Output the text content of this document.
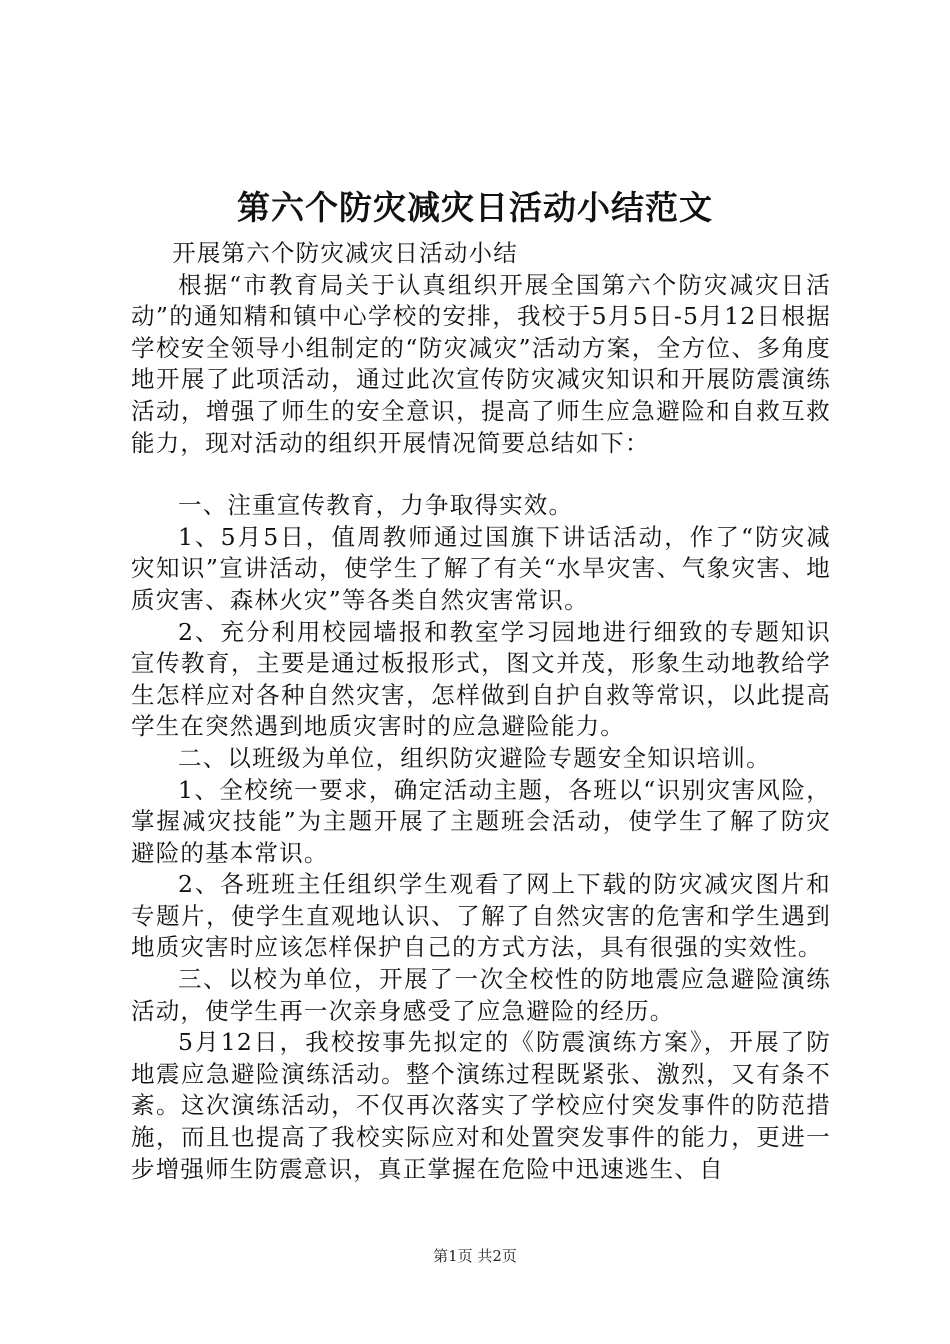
第六个防灾减灾日活动小结范文

开展第六个防灾减灾日活动小结

根据“市教育局关于认真组织开展全国第六个防灾减灾日活动”的通知精和镇中心学校的安排，我校于5月5日-5月12日根据学校安全领导小组制定的“防灾减灾”活动方案，全方位、多角度地开展了此项活动，通过此次宣传防灾减灾知识和开展防震演练活动，增强了师生的安全意识，提高了师生应急避险和自救互救能力，现对活动的组织开展情况简要总结如下：

一、注重宣传教育，力争取得实效。

1、5月5日，值周教师通过国旗下讲话活动，作了“防灾减灾知识”宣讲活动，使学生了解了有关“水旱灾害、气象灾害、地质灾害、森林火灾”等各类自然灾害常识。

2、充分利用校园墙报和教室学习园地进行细致的专题知识宣传教育，主要是通过板报形式，图文并茂，形象生动地教给学生怎样应对各种自然灾害，怎样做到自护自救等常识，以此提高学生在突然遇到地质灾害时的应急避险能力。

二、以班级为单位，组织防灾避险专题安全知识培训。

1、全校统一要求，确定活动主题，各班以“识别灾害风险，掌握减灾技能”为主题开展了主题班会活动，使学生了解了防灾避险的基本常识。

2、各班班主任组织学生观看了网上下载的防灾减灾图片和专题片，使学生直观地认识、了解了自然灾害的危害和学生遇到地质灾害时应该怎样保护自己的方式方法，具有很强的实效性。

三、以校为单位，开展了一次全校性的防地震应急避险演练活动，使学生再一次亲身感受了应急避险的经历。

5月12日，我校按事先拟定的《防震演练方案》，开展了防地震应急避险演练活动。整个演练过程既紧张、激烈，又有条不紊。这次演练活动，不仅再次落实了学校应付突发事件的防范措施，而且也提高了我校实际应对和处置突发事件的能力，更进一步增强师生防震意识，真正掌握在危险中迅速逃生、自

第1页 共2页
